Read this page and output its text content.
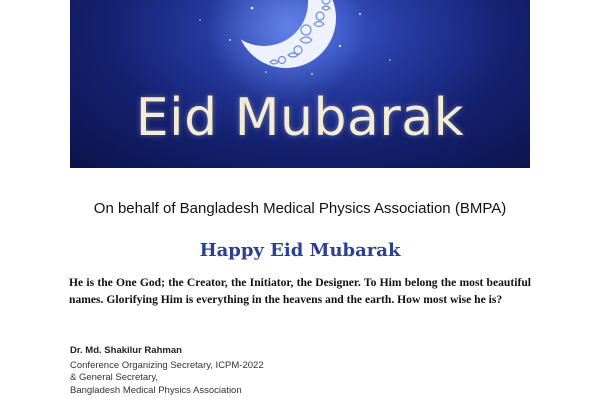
Eid Mubarak
On behalf of Bangladesh Medical Physics Association (BMPA)
Happy Eid Mubarak
He is the One God; the Creator, the Initiator, the Designer. To Him belong the most beautiful names. Glorifying Him is everything in the heavens and the earth. How most wise he is?
Dr. Md. Shakilur Rahman
Conference Organizing Secretary, ICPM-2022
& General Secretary,
Bangladesh Medical Physics Association
